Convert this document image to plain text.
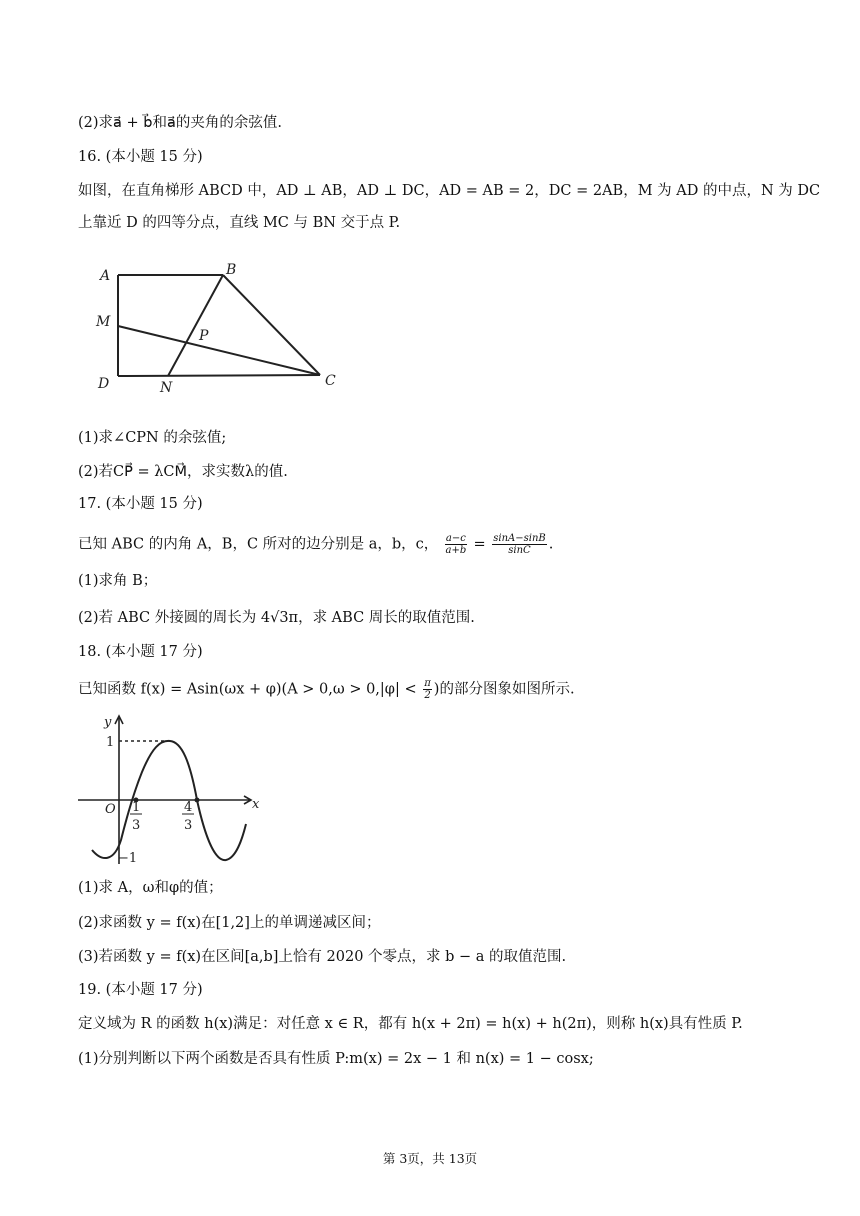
(2)求a⃗ + b⃗和a⃗的夹角的余弦值.
16. (本小题 15 分)
如图，在直角梯形 ABCD 中，AD ⊥ AB，AD ⊥ DC，AD = AB = 2，DC = 2AB，M 为 AD 的中点，N 为 DC
上靠近 D 的四等分点，直线 MC 与 BN 交于点 P.
A	B
M
P
D	N	C
(1)求∠CPN 的余弦值;
(2)若CP⃗ = λCM⃗，求实数λ的值.
17. (本小题 15 分)
已知 ABC 的内角 A，B，C 所对的边分别是 a，b，c， $\frac{a-c}{a+b} = \frac{\sin A-\sin B}{\sin C}$ .
(1)求角 B；
(2)若 ABC 外接圆的周长为 4√3π，求 ABC 周长的取值范围.
18. (本小题 17 分)
已知函数 $f(x) = Asin(\omega x + \varphi)(A > 0,\omega > 0,|\varphi| < \frac{\pi}{2}$ )的部分图象如图所示.
y
x
O
1
−1
1
3
4
3
(1)求 A，ω和φ的值；
(2)求函数 y = f(x)在[1,2]上的单调递减区间；
(3)若函数 y = f(x)在区间[a,b]上恰有 2020 个零点，求 b − a 的取值范围.
19. (本小题 17 分)
定义域为 R 的函数 h(x)满足：对任意 x ∈ R，都有 h(x + 2π) = h(x) + h(2π)，则称 h(x)具有性质 P.
(1)分别判断以下两个函数是否具有性质 P:m(x) = 2x − 1 和 n(x) = 1 − cosx;
第 3页，共 13页
